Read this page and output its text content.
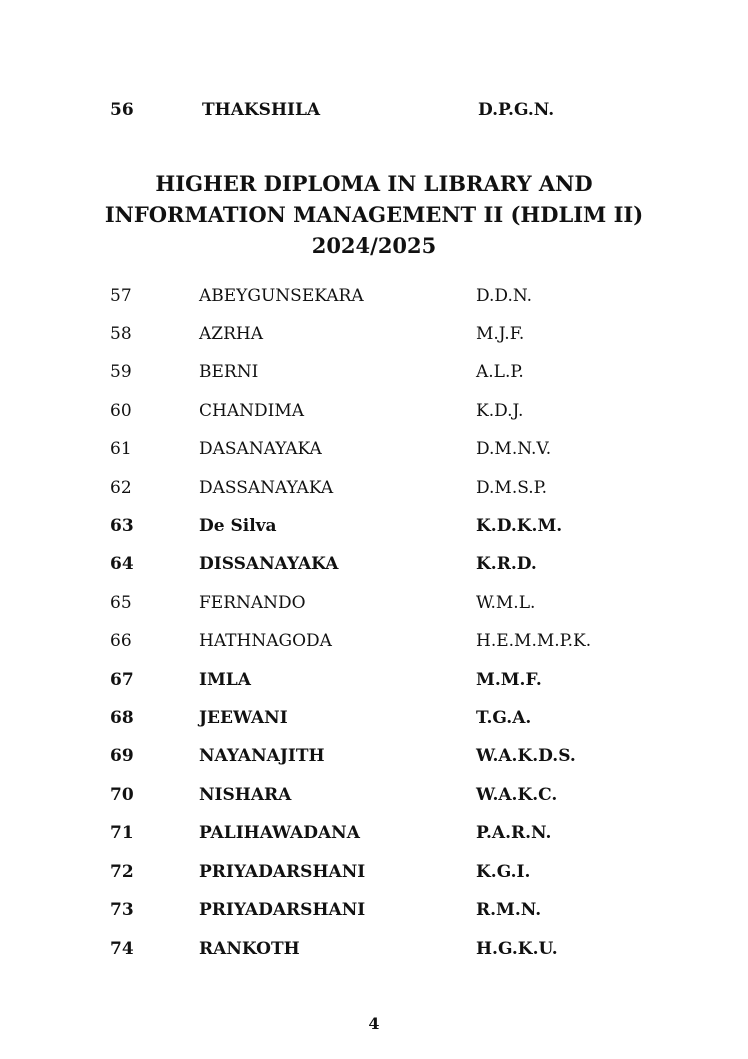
56	THAKSHILA	D.P.G.N.
HIGHER DIPLOMA IN LIBRARY AND
INFORMATION MANAGEMENT II (HDLIM II)
2024/2025
57	ABEYGUNSEKARA	D.D.N.
58	AZRHA	M.J.F.
59	BERNI	A.L.P.
60	CHANDIMA	K.D.J.
61	DASANAYAKA	D.M.N.V.
62	DASSANAYAKA	D.M.S.P.
63	De Silva	K.D.K.M.
64	DISSANAYAKA	K.R.D.
65	FERNANDO	W.M.L.
66	HATHNAGODA	H.E.M.M.P.K.
67	IMLA	M.M.F.
68	JEEWANI	T.G.A.
69	NAYANAJITH	W.A.K.D.S.
70	NISHARA	W.A.K.C.
71	PALIHAWADANA	P.A.R.N.
72	PRIYADARSHANI	K.G.I.
73	PRIYADARSHANI	R.M.N.
74	RANKOTH	H.G.K.U.
4
